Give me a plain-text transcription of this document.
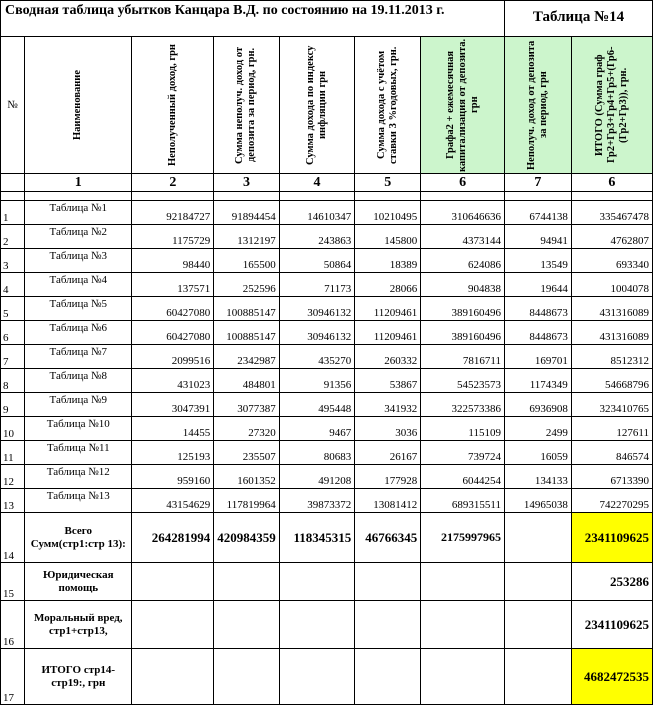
Сводная таблица убытков Канцара В.Д. по состоянию на 19.11.2013 г.							Таблица №14	
№	Наименование	Неполученный доход, грн	Сумма неполуч. доход от депозита за период, грн.	Сумма дохода по индексу инфляции грн	Сумма дохода с учётом ставки 3 %годовых, грн.	Графа2 + ежемесячная капитализация от депозита. грн	Неполуч. доход от депозита за период, грн	ИТОГО (Сумма граф Гр2+Гр3+Гр4+Гр5+(Гр6-(Гр2+Гр3)), грн.

	1	2	3	4	5	6	7	6

1	Таблица №1	92184727	91894454	14610347	10210495	310646636	6744138	335467478
2	Таблица №2	1175729	1312197	243863	145800	4373144	94941	4762807
3	Таблица №3	98440	165500	50864	18389	624086	13549	693340
4	Таблица №4	137571	252596	71173	28066	904838	19644	1004078
5	Таблица №5	60427080	100885147	30946132	11209461	389160496	8448673	431316089
6	Таблица №6	60427080	100885147	30946132	11209461	389160496	8448673	431316089
7	Таблица №7	2099516	2342987	435270	260332	7816711	169701	8512312
8	Таблица №8	431023	484801	91356	53867	54523573	1174349	54668796
9	Таблица №9	3047391	3077387	495448	341932	322573386	6936908	323410765
10	Таблица №10	14455	27320	9467	3036	115109	2499	127611
11	Таблица №11	125193	235507	80683	26167	739724	16059	846574
12	Таблица №12	959160	1601352	491208	177928	6044254	134133	6713390
13	Таблица №13	43154629	117819964	39873372	13081412	689315511	14965038	742270295
14	Всего Сумм(стр1:стр 13):	264281994	420984359	118345315	46766345	2175997965		2341109625
15	Юридическая помощь							253286
16	Моральный вред, стр1+стр13,							2341109625
17	ИТОГО стр14-стр19:, грн							4682472535
